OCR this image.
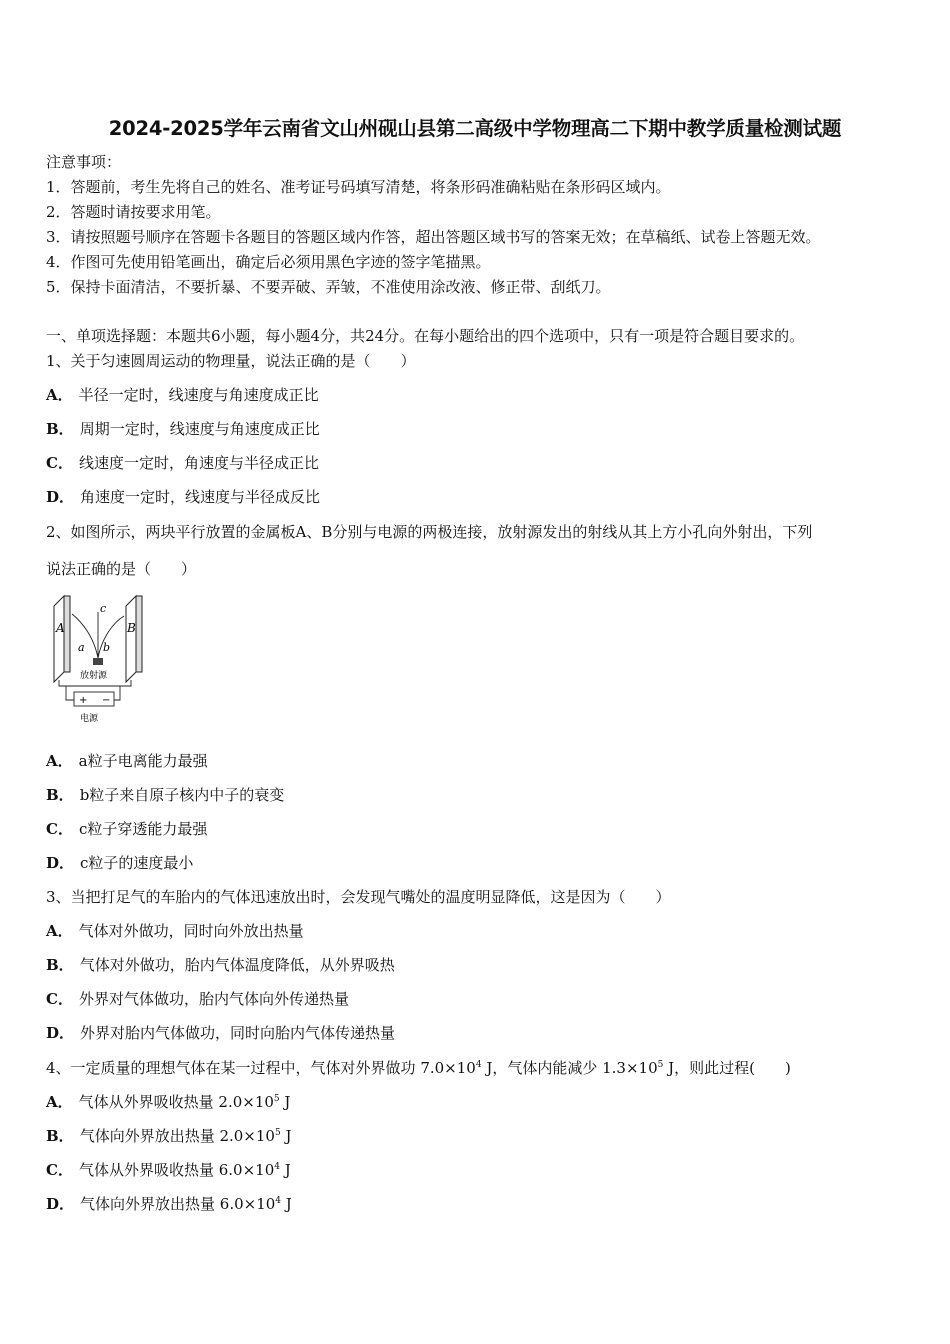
2024-2025学年云南省文山州砚山县第二高级中学物理高二下期中教学质量检测试题
注意事项：
1．答题前，考生先将自己的姓名、准考证号码填写清楚，将条形码准确粘贴在条形码区域内。
2．答题时请按要求用笔。
3．请按照题号顺序在答题卡各题目的答题区域内作答，超出答题区域书写的答案无效；在草稿纸、试卷上答题无效。
4．作图可先使用铅笔画出，确定后必须用黑色字迹的签字笔描黑。
5．保持卡面清洁，不要折暴、不要弄破、弄皱，不准使用涂改液、修正带、刮纸刀。
一、单项选择题：本题共6小题，每小题4分，共24分。在每小题给出的四个选项中，只有一项是符合题目要求的。
1、关于匀速圆周运动的物理量，说法正确的是（　　）
A． 半径一定时，线速度与角速度成正比
B． 周期一定时，线速度与角速度成正比
C． 线速度一定时，角速度与半径成正比
D． 角速度一定时，线速度与半径成反比
2、如图所示，两块平行放置的金属板A、B分别与电源的两极连接，放射源发出的射线从其上方小孔向外射出，下列
说法正确的是（　　）
A	B
a b
c
放射源
+ −
电源
A． a粒子电离能力最强
B． b粒子来自原子核内中子的衰变
C． c粒子穿透能力最强
D． c粒子的速度最小
3、当把打足气的车胎内的气体迅速放出时，会发现气嘴处的温度明显降低，这是因为（　　）
A． 气体对外做功，同时向外放出热量
B． 气体对外做功，胎内气体温度降低，从外界吸热
C． 外界对气体做功，胎内气体向外传递热量
D． 外界对胎内气体做功，同时向胎内气体传递热量
4、一定质量的理想气体在某一过程中，气体对外界做功 $7.0\times 10^4$ J，气体内能减少 $1.3\times 10^5$ J，则此过程(　　)
A． 气体从外界吸收热量 $2.0\times 10^5$ J
B． 气体向外界放出热量 $2.0\times 10^5$ J
C． 气体从外界吸收热量 $6.0\times 10^4$ J
D． 气体向外界放出热量 $6.0\times 10^4$ J
